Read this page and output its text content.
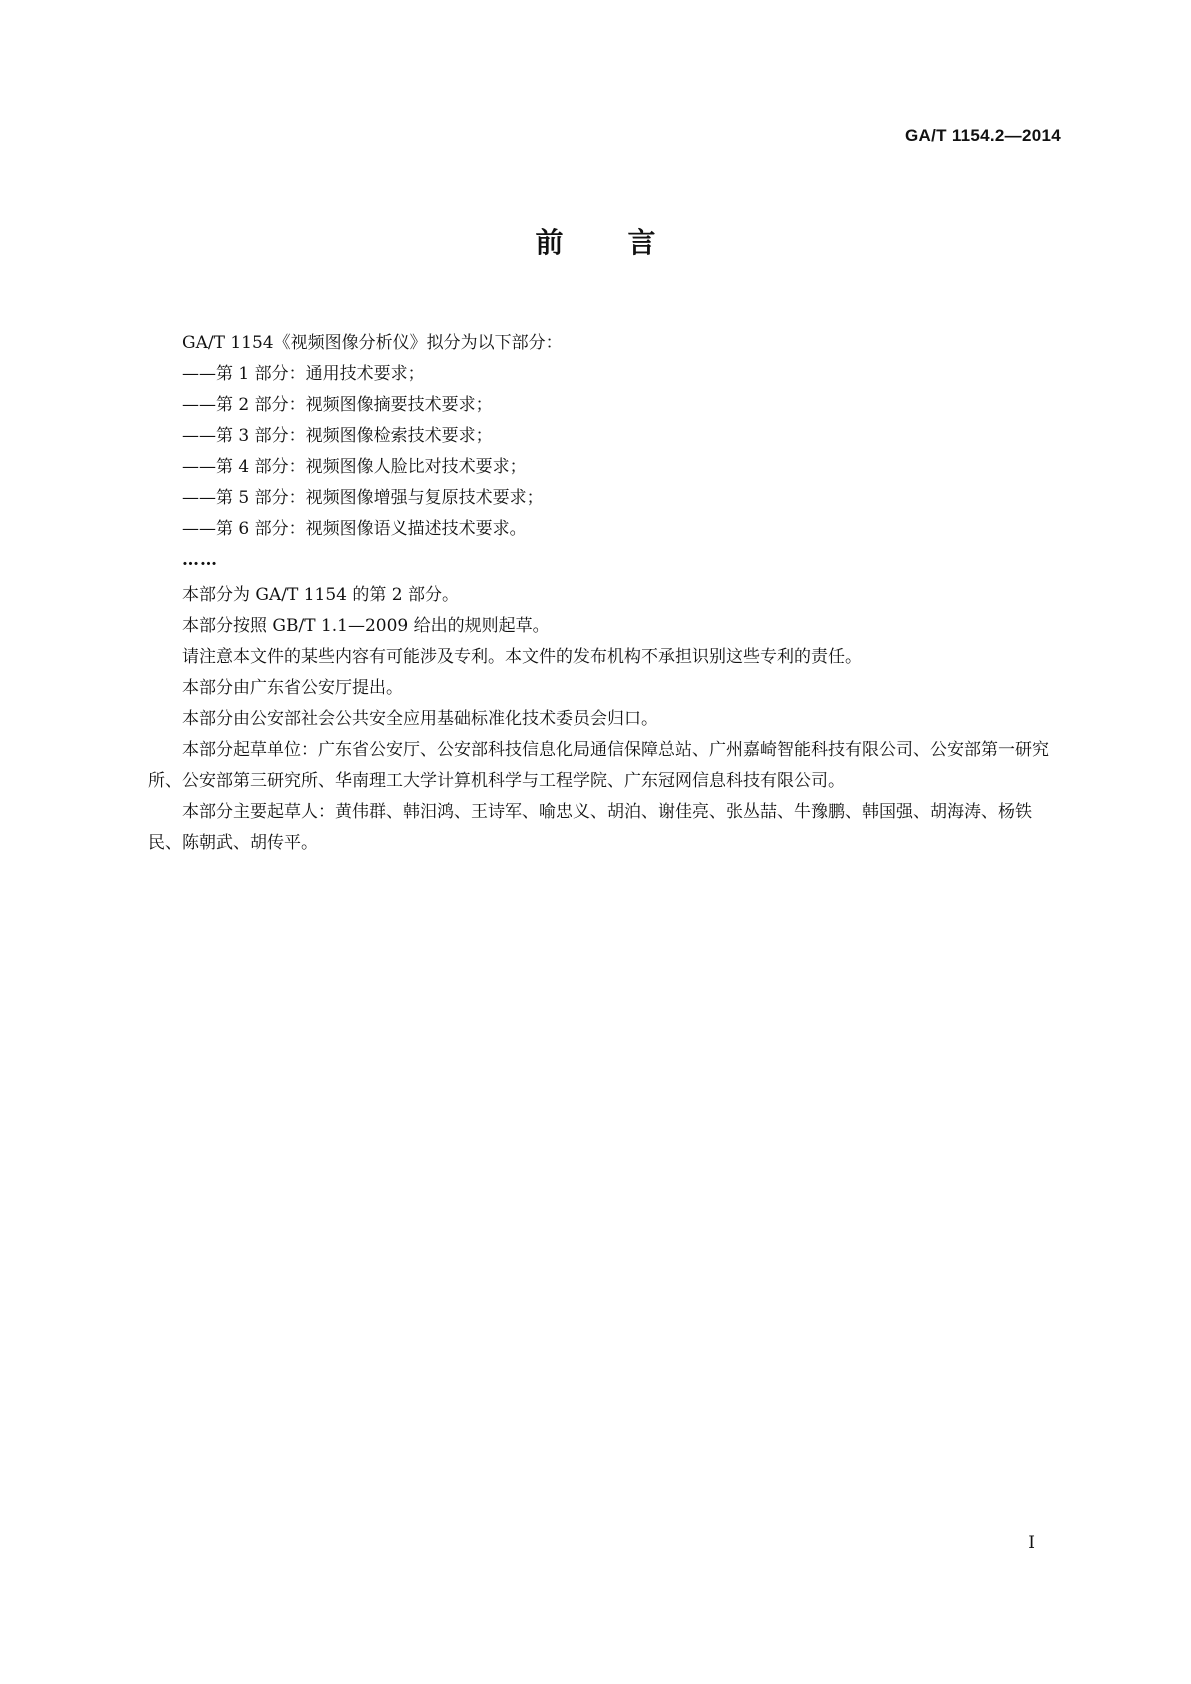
GA/T 1154.2—2014
前 言

GA/T 1154《视频图像分析仪》拟分为以下部分：

——第 1 部分：通用技术要求；

——第 2 部分：视频图像摘要技术要求；

——第 3 部分：视频图像检索技术要求；

——第 4 部分：视频图像人脸比对技术要求；

——第 5 部分：视频图像增强与复原技术要求；

——第 6 部分：视频图像语义描述技术要求。

……

本部分为 GA/T 1154 的第 2 部分。

本部分按照 GB/T 1.1—2009 给出的规则起草。

请注意本文件的某些内容有可能涉及专利。本文件的发布机构不承担识别这些专利的责任。

本部分由广东省公安厅提出。

本部分由公安部社会公共安全应用基础标准化技术委员会归口。

本部分起草单位：广东省公安厅、公安部科技信息化局通信保障总站、广州嘉崎智能科技有限公司、公安部第一研究所、公安部第三研究所、华南理工大学计算机科学与工程学院、广东冠网信息科技有限公司。

本部分主要起草人：黄伟群、韩汨鸿、王诗军、喻忠义、胡泊、谢佳亮、张丛喆、牛豫鹏、韩国强、胡海涛、杨铁民、陈朝武、胡传平。

I
